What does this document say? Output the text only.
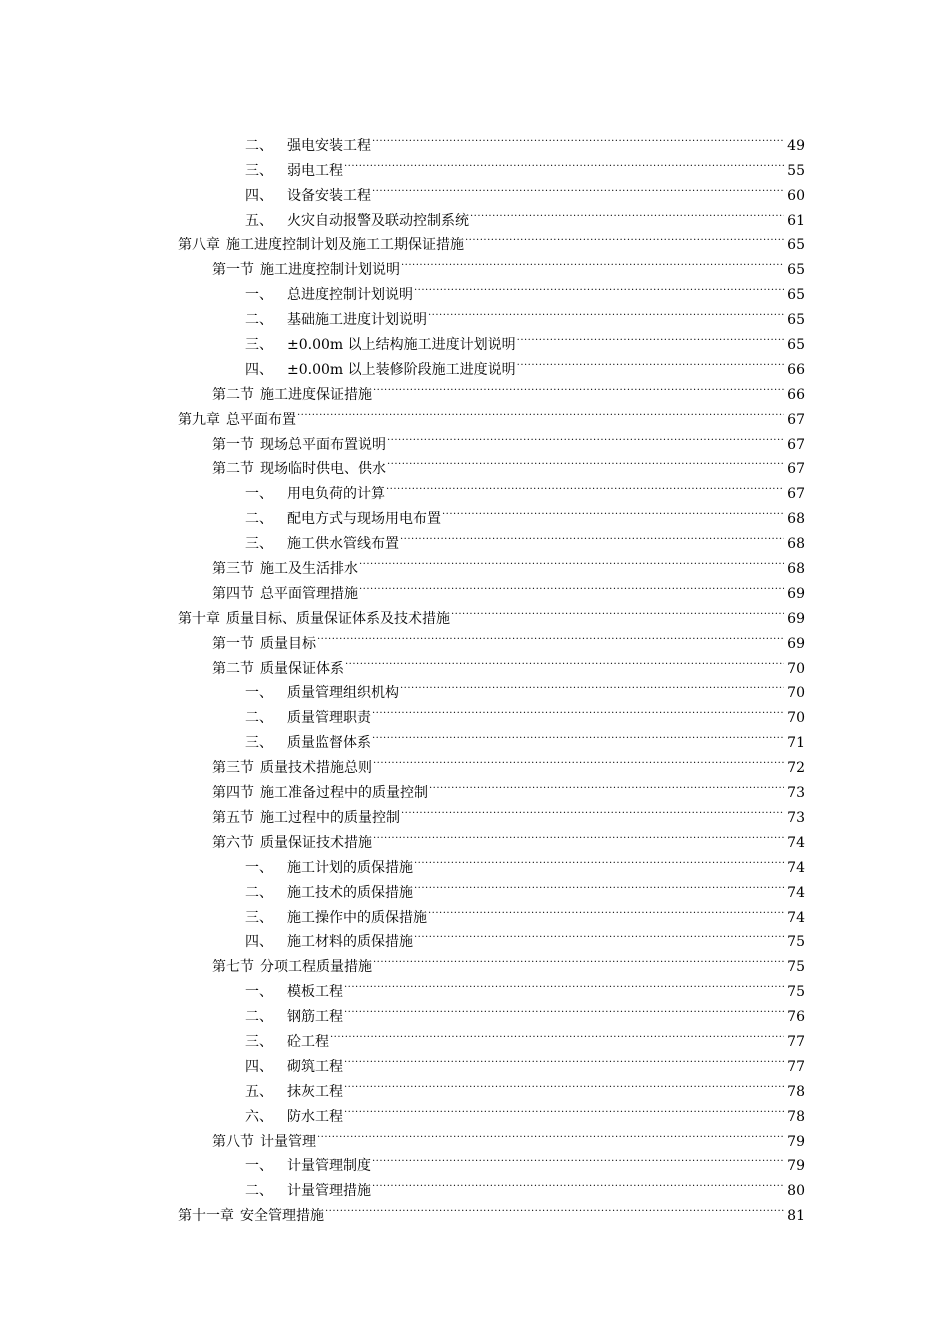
二、	强电安装工程 .....	49
三、	弱电工程 .....	55
四、	设备安装工程 .....	60
五、	火灾自动报警及联动控制系统 .....	61
第八章 施工进度控制计划及施工工期保证措施 .....	65
第一节 施工进度控制计划说明 .....	65
一、	总进度控制计划说明 .....	65
二、	基础施工进度计划说明 .....	65
三、	±0.00m 以上结构施工进度计划说明 .....	65
四、	±0.00m 以上装修阶段施工进度说明 .....	66
第二节 施工进度保证措施 .....	66
第九章 总平面布置 .....	67
第一节 现场总平面布置说明 .....	67
第二节 现场临时供电、供水 .....	67
一、	用电负荷的计算 .....	67
二、	配电方式与现场用电布置 .....	68
三、	施工供水管线布置 .....	68
第三节 施工及生活排水 .....	68
第四节 总平面管理措施 .....	69
第十章 质量目标、质量保证体系及技术措施 .....	69
第一节 质量目标 .....	69
第二节 质量保证体系 .....	70
一、	质量管理组织机构 .....	70
二、	质量管理职责 .....	70
三、	质量监督体系 .....	71
第三节 质量技术措施总则 .....	72
第四节 施工准备过程中的质量控制 .....	73
第五节 施工过程中的质量控制 .....	73
第六节 质量保证技术措施 .....	74
一、	施工计划的质保措施 .....	74
二、	施工技术的质保措施 .....	74
三、	施工操作中的质保措施 .....	74
四、	施工材料的质保措施 .....	75
第七节 分项工程质量措施 .....	75
一、	模板工程 .....	75
二、	钢筋工程 .....	76
三、	砼工程 .....	77
四、	砌筑工程 .....	77
五、	抹灰工程 .....	78
六、	防水工程 .....	78
第八节 计量管理 .....	79
一、	计量管理制度 .....	79
二、	计量管理措施 .....	80
第十一章 安全管理措施 .....	81
